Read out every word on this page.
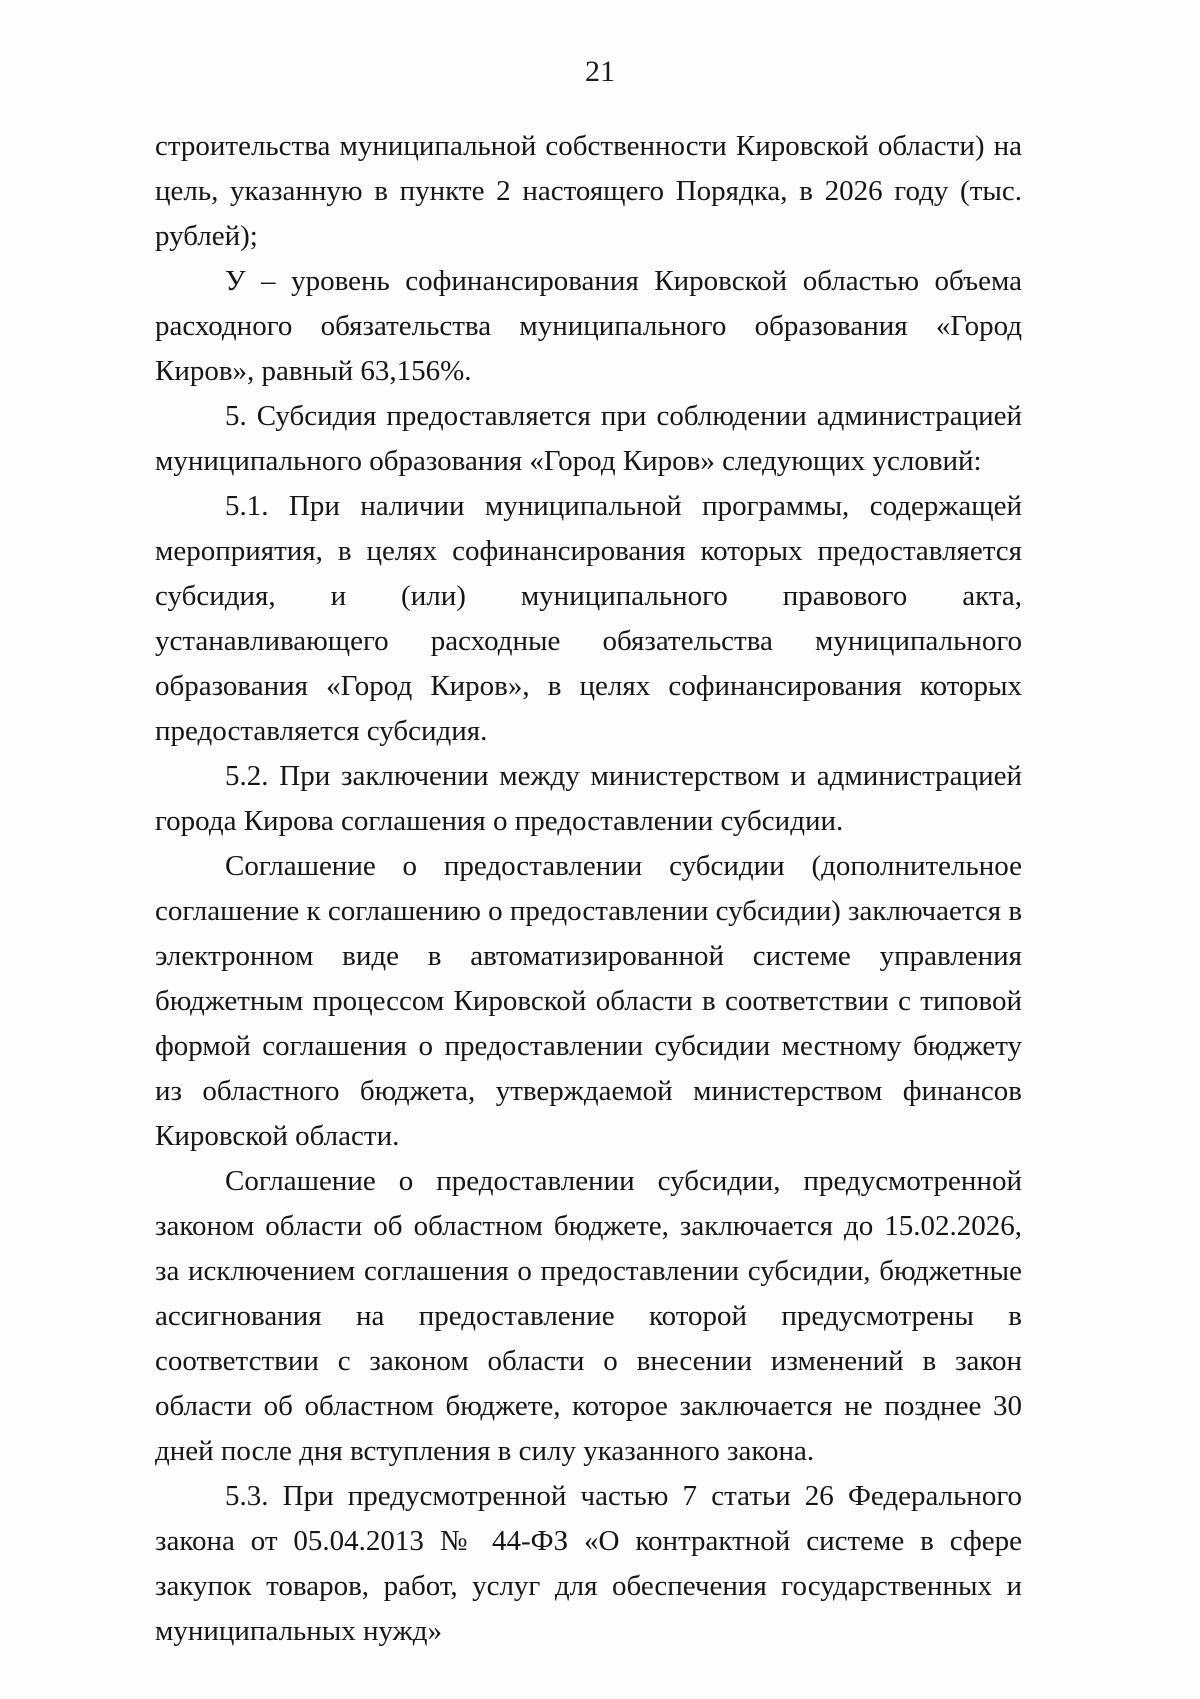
21

строительства муниципальной собственности Кировской области) на цель, указанную в пункте 2 настоящего Порядка, в 2026 году (тыс. рублей);

У – уровень софинансирования Кировской областью объема расходного обязательства муниципального образования «Город Киров», равный 63,156%.

5. Субсидия предоставляется при соблюдении администрацией муниципального образования «Город Киров» следующих условий:

5.1. При наличии муниципальной программы, содержащей мероприятия, в целях софинансирования которых предоставляется субсидия, и (или) муниципального правового акта, устанавливающего расходные обязательства муниципального образования «Город Киров», в целях софинансирования которых предоставляется субсидия.

5.2. При заключении между министерством и администрацией города Кирова соглашения о предоставлении субсидии.

Соглашение о предоставлении субсидии (дополнительное соглашение к соглашению о предоставлении субсидии) заключается в электронном виде в автоматизированной системе управления бюджетным процессом Кировской области в соответствии с типовой формой соглашения о предоставлении субсидии местному бюджету из областного бюджета, утверждаемой министерством финансов Кировской области.

Соглашение о предоставлении субсидии, предусмотренной законом области об областном бюджете, заключается до 15.02.2026, за исключением соглашения о предоставлении субсидии, бюджетные ассигнования на предоставление которой предусмотрены в соответствии с законом области о внесении изменений в закон области об областном бюджете, которое заключается не позднее 30 дней после дня вступления в силу указанного закона.

5.3. При предусмотренной частью 7 статьи 26 Федерального закона от 05.04.2013 № 44-ФЗ «О контрактной системе в сфере закупок товаров, работ, услуг для обеспечения государственных и муниципальных нужд»
